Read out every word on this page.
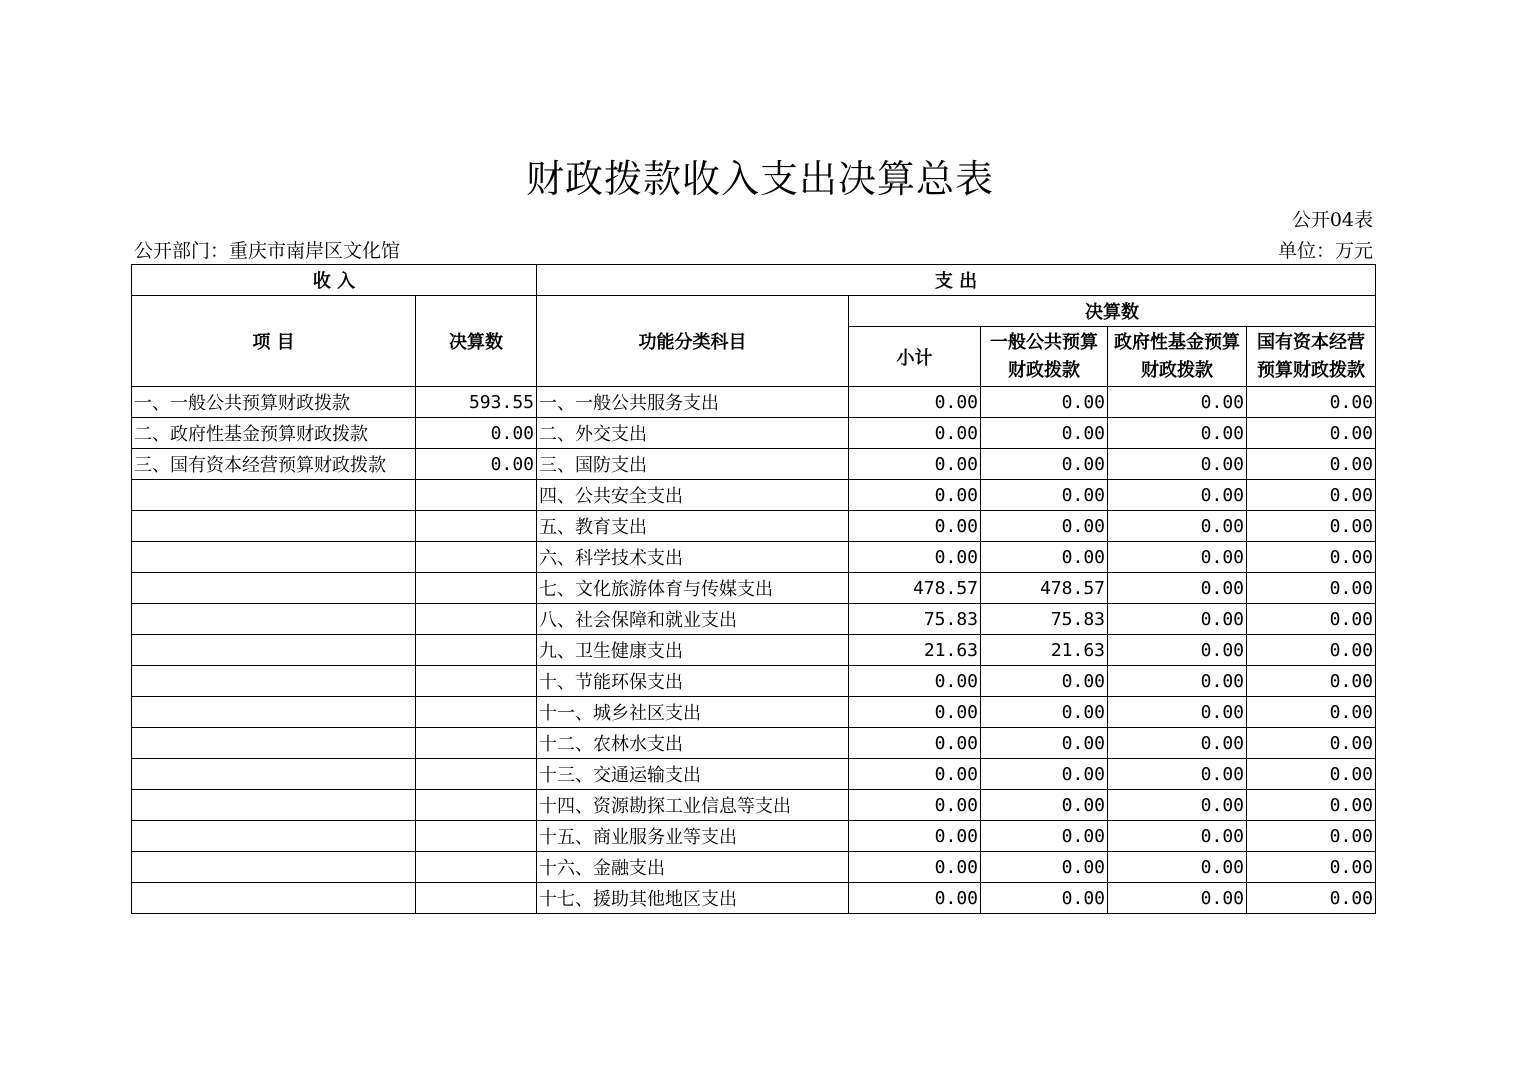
财政拨款收入支出决算总表
公开04表
公开部门：重庆市南岸区文化馆	单位：万元
收 入		支 出				
项 目	决算数	功能分类科目	决算数			
			小计	一般公共预算财政拨款	政府性基金预算财政拨款	国有资本经营预算财政拨款
一、一般公共预算财政拨款	593.55	一、一般公共服务支出	0.00	0.00	0.00	0.00
二、政府性基金预算财政拨款	0.00	二、外交支出	0.00	0.00	0.00	0.00
三、国有资本经营预算财政拨款	0.00	三、国防支出	0.00	0.00	0.00	0.00
		四、公共安全支出	0.00	0.00	0.00	0.00
		五、教育支出	0.00	0.00	0.00	0.00
		六、科学技术支出	0.00	0.00	0.00	0.00
		七、文化旅游体育与传媒支出	478.57	478.57	0.00	0.00
		八、社会保障和就业支出	75.83	75.83	0.00	0.00
		九、卫生健康支出	21.63	21.63	0.00	0.00
		十、节能环保支出	0.00	0.00	0.00	0.00
		十一、城乡社区支出	0.00	0.00	0.00	0.00
		十二、农林水支出	0.00	0.00	0.00	0.00
		十三、交通运输支出	0.00	0.00	0.00	0.00
		十四、资源勘探工业信息等支出	0.00	0.00	0.00	0.00
		十五、商业服务业等支出	0.00	0.00	0.00	0.00
		十六、金融支出	0.00	0.00	0.00	0.00
		十七、援助其他地区支出	0.00	0.00	0.00	0.00
